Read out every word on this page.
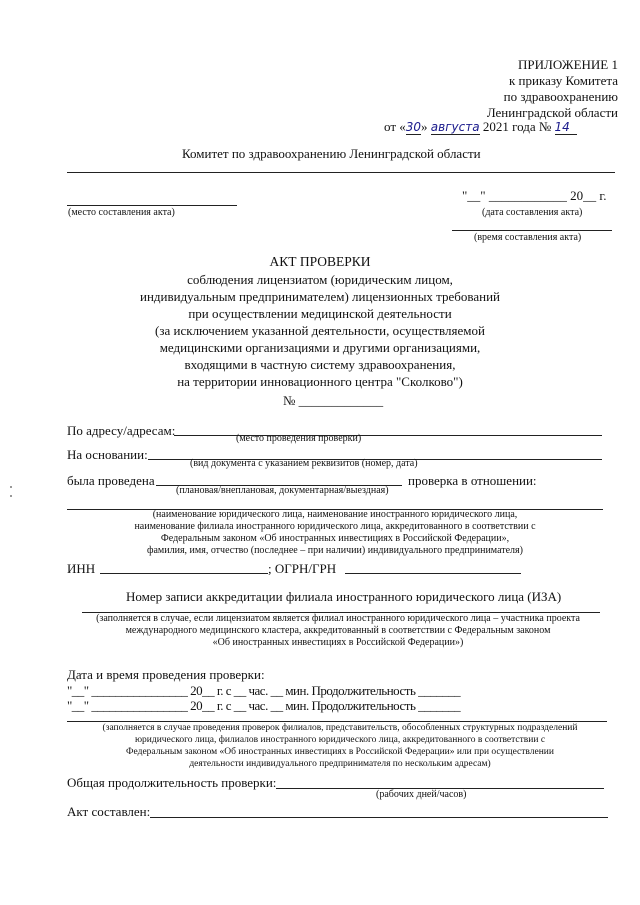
ПРИЛОЖЕНИЕ 1
к приказу Комитета
по здравоохранению
Ленинградской области
от «30» августа 2021 года № 14
Комитет по здравоохранению Ленинградской области
(место составления акта)
"__" ____________ 20__ г.
(дата составления акта)
(время составления акта)
АКТ ПРОВЕРКИ
соблюдения лицензиатом (юридическим лицом,
индивидуальным предпринимателем) лицензионных требований
при осуществлении медицинской деятельности
(за исключением указанной деятельности, осуществляемой
медицинскими организациями и другими организациями,
входящими в частную систему здравоохранения,
на территории инновационного центра "Сколково")
№ _____________
По адресу/адресам:
(место проведения проверки)
На основании:
(вид документа с указанием реквизитов (номер, дата)
была проведена	проверка в отношении:
(плановая/внеплановая, документарная/выездная)
(наименование юридического лица, наименование иностранного юридического лица,
наименование филиала иностранного юридического лица, аккредитованного в соответствии с
Федеральным законом «Об иностранных инвестициях в Российской Федерации»,
фамилия, имя, отчество (последнее – при наличии) индивидуального предпринимателя)
ИНН	; ОГРН/ГРН
Номер записи аккредитации филиала иностранного юридического лица (ИЗА)
(заполняется в случае, если лицензиатом является филиал иностранного юридического лица – участника проекта
международного медицинского кластера, аккредитованный в соответствии с Федеральным законом
«Об иностранных инвестициях в Российской Федерации»)
Дата и время проведения проверки:
"__" ________________ 20__ г. с __ час. __ мин. Продолжительность _______
"__" ________________ 20__ г. с __ час. __ мин. Продолжительность _______
(заполняется в случае проведения проверок филиалов, представительств, обособленных структурных подразделений
юридического лица, филиалов иностранного юридического лица, аккредитованного в соответствии с
Федеральным законом «Об иностранных инвестициях в Российской Федерации» или при осуществлении
деятельности индивидуального предпринимателя по нескольким адресам)
Общая продолжительность проверки:
(рабочих дней/часов)
Акт составлен:
